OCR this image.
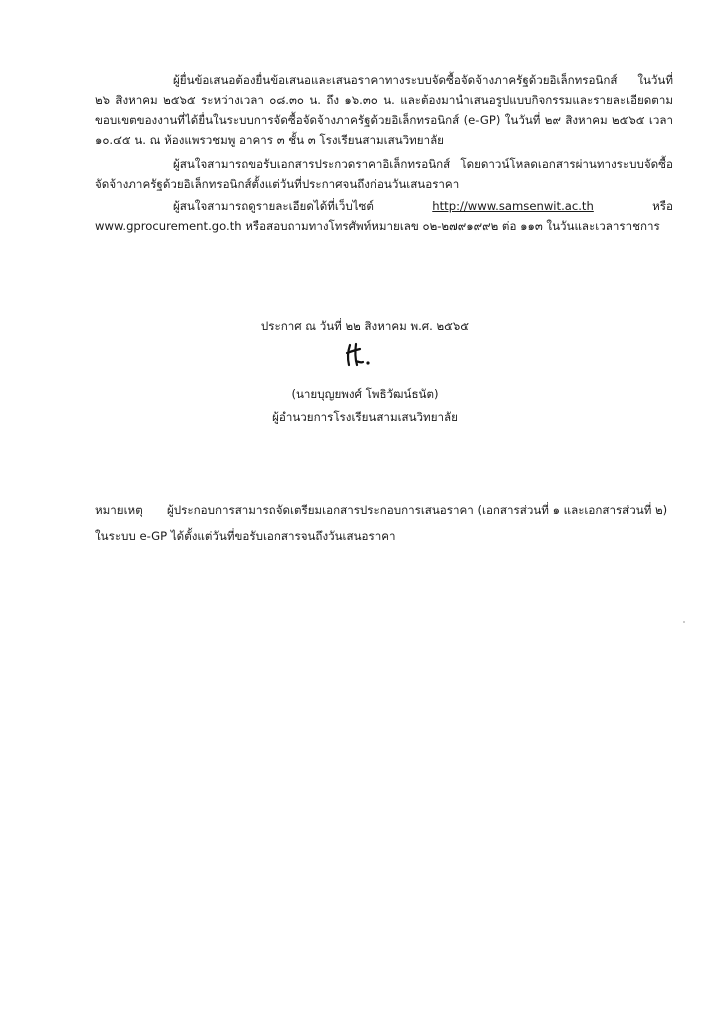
ผู้ยื่นข้อเสนอต้องยื่นข้อเสนอและเสนอราคาทางระบบจัดซื้อจัดจ้างภาครัฐด้วยอิเล็กทรอนิกส์ ในวันที่ ๒๖ สิงหาคม ๒๕๖๕ ระหว่างเวลา ๐๘.๓๐ น. ถึง ๑๖.๓๐ น. และต้องมานำเสนอรูปแบบกิจกรรมและรายละเอียดตามขอบเขตของงานที่ได้ยื่นในระบบการจัดซื้อจัดจ้างภาครัฐด้วยอิเล็กทรอนิกส์ (e-GP) ในวันที่ ๒๙ สิงหาคม ๒๕๖๕ เวลา ๑๐.๔๕ น. ณ ห้องแพรวชมพู อาคาร ๓ ชั้น ๓ โรงเรียนสามเสนวิทยาลัย

ผู้สนใจสามารถขอรับเอกสารประกวดราคาอิเล็กทรอนิกส์ โดยดาวน์โหลดเอกสารผ่านทางระบบจัดซื้อจัดจ้างภาครัฐด้วยอิเล็กทรอนิกส์ตั้งแต่วันที่ประกาศจนถึงก่อนวันเสนอราคา

ผู้สนใจสามารถดูรายละเอียดได้ที่เว็บไซต์ http://www.samsenwit.ac.th หรือ www.gprocurement.go.th หรือสอบถามทางโทรศัพท์หมายเลข ๐๒-๒๗๙๑๙๙๒ ต่อ ๑๑๓ ในวันและเวลาราชการ

ประกาศ ณ วันที่ ๒๒ สิงหาคม พ.ศ. ๒๕๖๕
(นายบุญยพงศ์ โพธิวัฒน์ธนัต)
ผู้อำนวยการโรงเรียนสามเสนวิทยาลัย

หมายเหตุ ผู้ประกอบการสามารถจัดเตรียมเอกสารประกอบการเสนอราคา (เอกสารส่วนที่ ๑ และเอกสารส่วนที่ ๒) ในระบบ e-GP ได้ตั้งแต่วันที่ขอรับเอกสารจนถึงวันเสนอราคา
